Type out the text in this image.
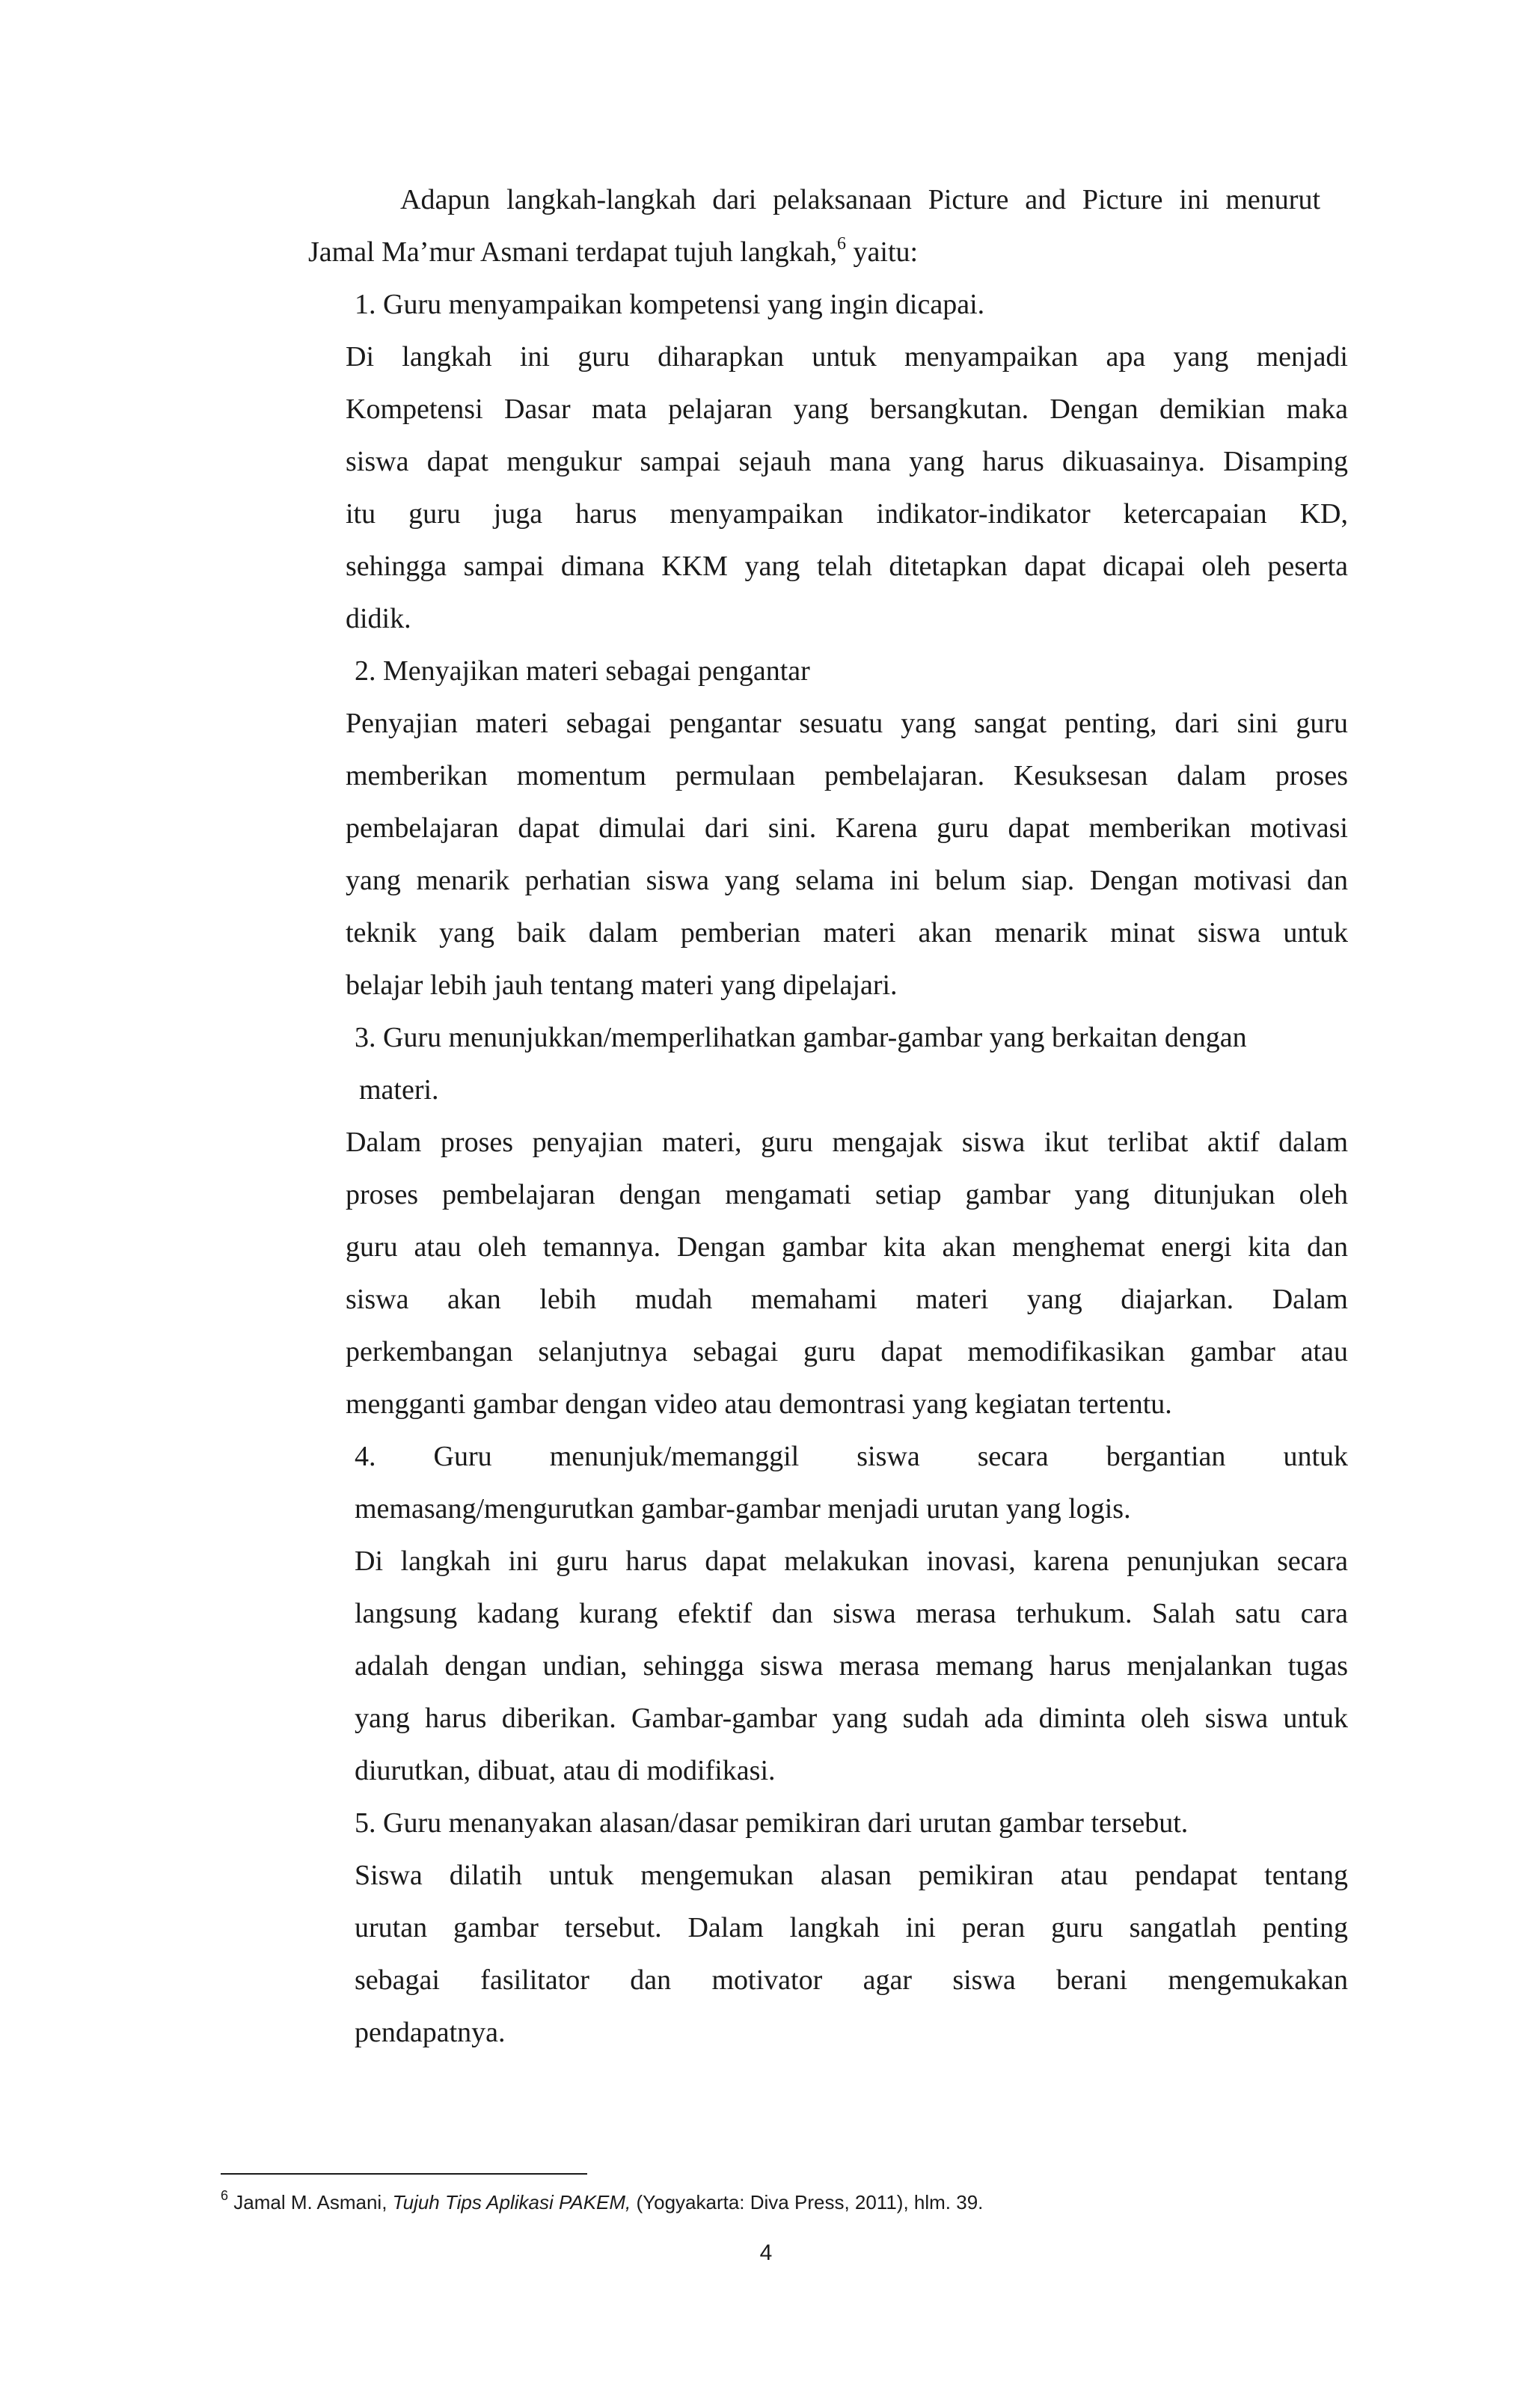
Adapun langkah-langkah dari pelaksanaan Picture and Picture ini menurut
Jamal Ma’mur Asmani terdapat tujuh langkah,$^6$ yaitu:
1. Guru menyampaikan kompetensi yang ingin dicapai.
Di langkah ini guru diharapkan untuk menyampaikan apa yang menjadi
Kompetensi Dasar mata pelajaran yang bersangkutan. Dengan demikian maka
siswa dapat mengukur sampai sejauh mana yang harus dikuasainya. Disamping
itu guru juga harus menyampaikan indikator-indikator ketercapaian KD,
sehingga sampai dimana KKM yang telah ditetapkan dapat dicapai oleh peserta
didik.
2. Menyajikan materi sebagai pengantar
Penyajian materi sebagai pengantar sesuatu yang sangat penting, dari sini guru
memberikan momentum permulaan pembelajaran. Kesuksesan dalam proses
pembelajaran dapat dimulai dari sini. Karena guru dapat memberikan motivasi
yang menarik perhatian siswa yang selama ini belum siap. Dengan motivasi dan
teknik yang baik dalam pemberian materi akan menarik minat siswa untuk
belajar lebih jauh tentang materi yang dipelajari.
3. Guru menunjukkan/memperlihatkan gambar-gambar yang berkaitan dengan
materi.
Dalam proses penyajian materi, guru mengajak siswa ikut terlibat aktif dalam
proses pembelajaran dengan mengamati setiap gambar yang ditunjukan oleh
guru atau oleh temannya. Dengan gambar kita akan menghemat energi kita dan
siswa akan lebih mudah memahami materi yang diajarkan. Dalam
perkembangan selanjutnya sebagai guru dapat memodifikasikan gambar atau
mengganti gambar dengan video atau demontrasi yang kegiatan tertentu.
4. Guru menunjuk/memanggil siswa secara bergantian untuk
memasang/mengurutkan gambar-gambar menjadi urutan yang logis.
Di langkah ini guru harus dapat melakukan inovasi, karena penunjukan secara
langsung kadang kurang efektif dan siswa merasa terhukum. Salah satu cara
adalah dengan undian, sehingga siswa merasa memang harus menjalankan tugas
yang harus diberikan. Gambar-gambar yang sudah ada diminta oleh siswa untuk
diurutkan, dibuat, atau di modifikasi.
5. Guru menanyakan alasan/dasar pemikiran dari urutan gambar tersebut.
Siswa dilatih untuk mengemukan alasan pemikiran atau pendapat tentang
urutan gambar tersebut. Dalam langkah ini peran guru sangatlah penting
sebagai fasilitator dan motivator agar siswa berani mengemukakan
pendapatnya.
$^6$ Jamal M. Asmani, Tujuh Tips Aplikasi PAKEM, (Yogyakarta: Diva Press, 2011), hlm. 39.
4
